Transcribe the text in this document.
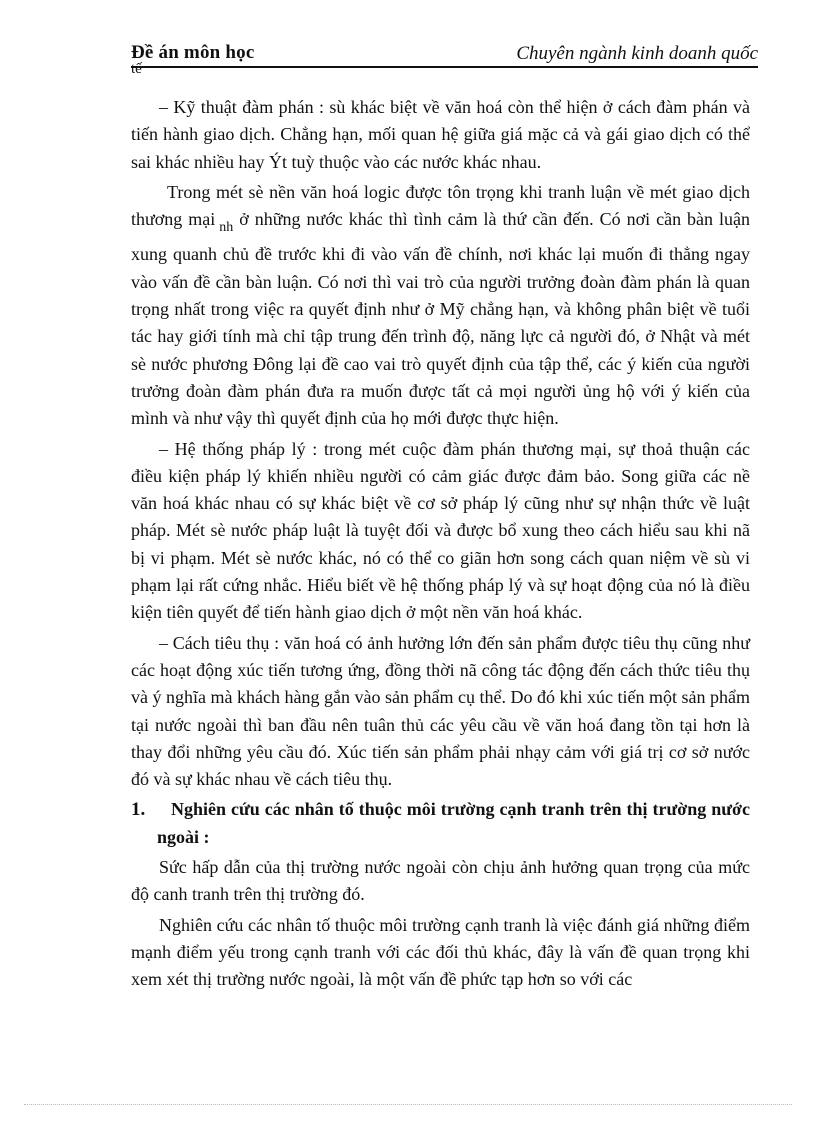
Đề án môn học
tế
Chuyên ngành kinh doanh quốc

– Kỹ thuật đàm phán : sù khác biệt về văn hoá còn thể hiện ở cách đàm phán và tiến hành giao dịch. Chẳng hạn, mối quan hệ giữa giá mặc cả và gái giao dịch có thể sai khác nhiều hay Ýt tuỳ thuộc vào các nước khác nhau.

Trong mét sè nền văn hoá logic được tôn trọng khi tranh luận về mét giao dịch thương mại $_{nh}$ ở những nước khác thì tình cảm là thứ cần đến. Có nơi cần bàn luận xung quanh chủ đề trước khi đi vào vấn đề chính, nơi khác lại muốn đi thẳng ngay vào vấn đề cần bàn luận. Có nơi thì vai trò của người trưởng đoàn đàm phán là quan trọng nhất trong việc ra quyết định như ở Mỹ chẳng hạn, và không phân biệt về tuổi tác hay giới tính mà chỉ tập trung đến trình độ, năng lực cả người đó, ở Nhật và mét sè nước phương Đông lại đề cao vai trò quyết định của tập thể, các ý kiến của người trưởng đoàn đàm phán đưa ra muốn được tất cả mọi người ủng hộ với ý kiến của mình và như vậy thì quyết định của họ mới được thực hiện.

– Hệ thống pháp lý : trong mét cuộc đàm phán thương mại, sự thoả thuận các điều kiện pháp lý khiến nhiều người có cảm giác được đảm bảo. Song giữa các nề văn hoá khác nhau có sự khác biệt về cơ sở pháp lý cũng như sự nhận thức về luật pháp. Mét sè nước pháp luật là tuyệt đối và được bổ xung theo cách hiểu sau khi nã bị vi phạm. Mét sè nước khác, nó có thể co giãn hơn song cách quan niệm về sù vi phạm lại rất cứng nhắc. Hiểu biết về hệ thống pháp lý và sự hoạt động của nó là điều kiện tiên quyết để tiến hành giao dịch ở một nền văn hoá khác.

– Cách tiêu thụ : văn hoá có ảnh hưởng lớn đến sản phẩm được tiêu thụ cũng như các hoạt động xúc tiến tương ứng, đồng thời nã công tác động đến cách thức tiêu thụ và ý nghĩa mà khách hàng gắn vào sản phẩm cụ thể. Do đó khi xúc tiến một sản phẩm tại nước ngoài thì ban đầu nên tuân thủ các yêu cầu về văn hoá đang tồn tại hơn là thay đổi những yêu cầu đó. Xúc tiến sản phẩm phải nhạy cảm với giá trị cơ sở nước đó và sự khác nhau về cách tiêu thụ.

1. Nghiên cứu các nhân tố thuộc môi trường cạnh tranh trên thị trường nước ngoài :

Sức hấp dẫn của thị trường nước ngoài còn chịu ảnh hưởng quan trọng của mức độ canh tranh trên thị trường đó.

Nghiên cứu các nhân tố thuộc môi trường cạnh tranh là việc đánh giá những điểm mạnh điểm yếu trong cạnh tranh với các đối thủ khác, đây là vấn đề quan trọng khi xem xét thị trường nước ngoài, là một vấn đề phức tạp hơn so với các
